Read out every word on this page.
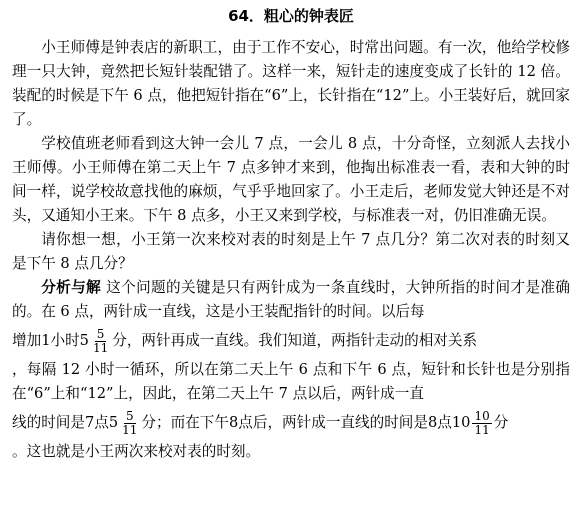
64．粗心的钟表匠

小王师傅是钟表店的新职工，由于工作不安心，时常出问题。有一次，他给学校修理一只大钟，竟然把长短针装配错了。这样一来，短针走的速度变成了长针的 12 倍。装配的时候是下午 6 点，他把短针指在“6”上，长针指在“12”上。小王装好后，就回家了。

学校值班老师看到这大钟一会儿 7 点，一会儿 8 点，十分奇怪，立刻派人去找小王师傅。小王师傅在第二天上午 7 点多钟才来到，他掏出标准表一看，表和大钟的时间一样，说学校故意找他的麻烦，气乎乎地回家了。小王走后，老师发觉大钟还是不对头，又通知小王来。下午 8 点多，小王又来到学校，与标准表一对，仍旧准确无误。

请你想一想，小王第一次来校对表的时刻是上午 7 点几分？第二次对表的时刻又是下午 8 点几分？

分析与解 这个问题的关键是只有两针成为一条直线时，大钟所指的时间才是准确的。在 6 点，两针成一直线，这是小王装配指针的时间。以后每

增加1小时$5 \frac{5}{11}$ 分，两针再成一直线。我们知道，两指针走动的相对关系

，每隔 12 小时一循环，所以在第二天上午 6 点和下午 6 点，短针和长针也是分别指在“6”上和“12”上，因此，在第二天上午 7 点以后，两针成一直

线的时间是7点$5 \frac{5}{11}$ 分；而在下午8点后，两针成一直线的时间是8点$10 \frac{10}{11}$ 分

。这也就是小王两次来校对表的时刻。
